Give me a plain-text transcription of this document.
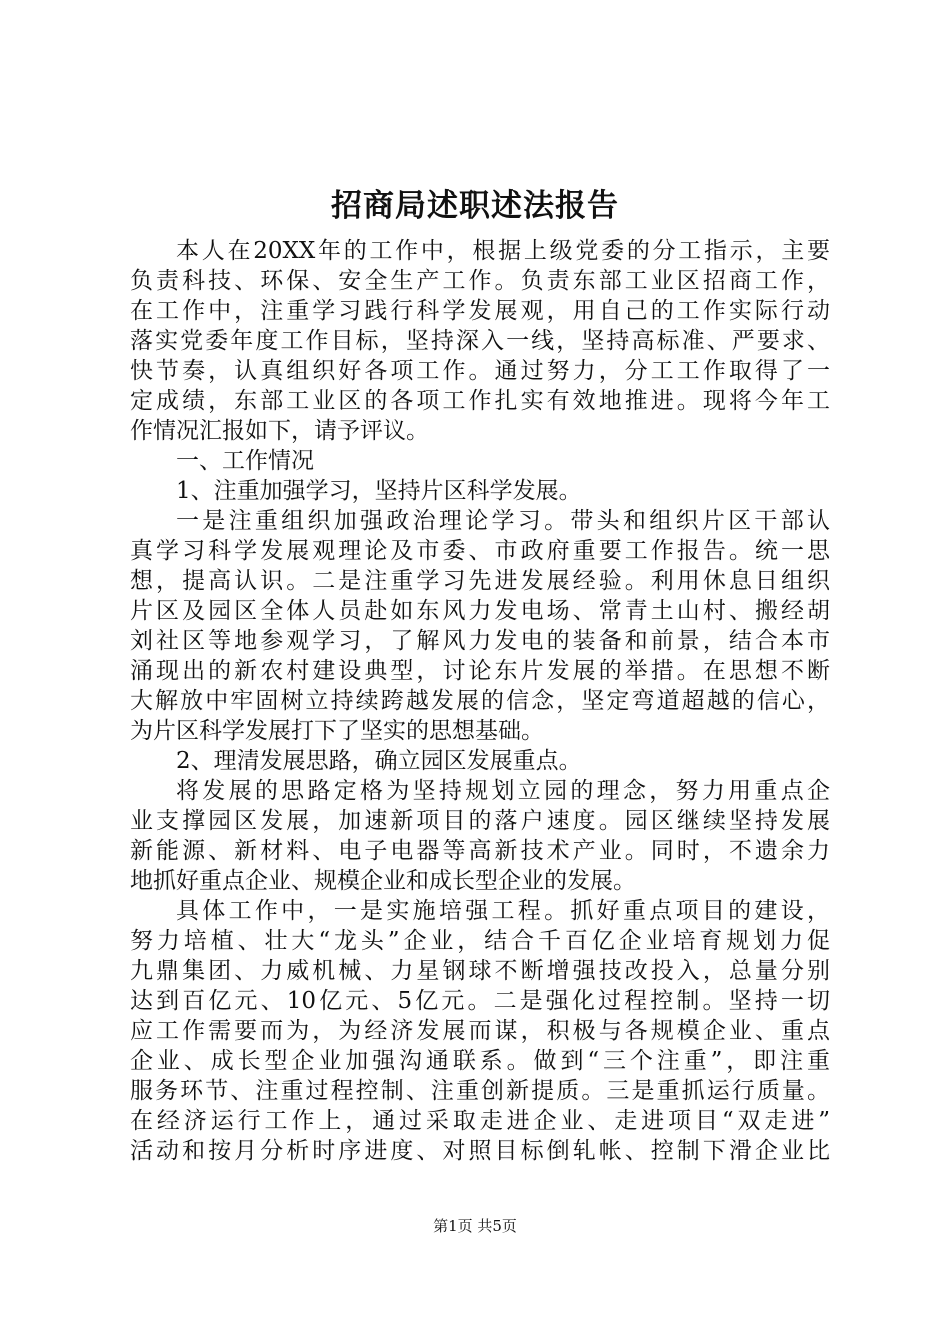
招商局述职述法报告
本人在20XX年的工作中，根据上级党委的分工指示，主要
负责科技、环保、安全生产工作。负责东部工业区招商工作，
在工作中，注重学习践行科学发展观，用自己的工作实际行动
落实党委年度工作目标，坚持深入一线，坚持高标准、严要求、
快节奏，认真组织好各项工作。通过努力，分工工作取得了一
定成绩，东部工业区的各项工作扎实有效地推进。现将今年工
作情况汇报如下，请予评议。
一、工作情况
1、注重加强学习，坚持片区科学发展。
一是注重组织加强政治理论学习。带头和组织片区干部认
真学习科学发展观理论及市委、市政府重要工作报告。统一思
想，提高认识。二是注重学习先进发展经验。利用休息日组织
片区及园区全体人员赴如东风力发电场、常青土山村、搬经胡
刘社区等地参观学习，了解风力发电的装备和前景，结合本市
涌现出的新农村建设典型，讨论东片发展的举措。在思想不断
大解放中牢固树立持续跨越发展的信念，坚定弯道超越的信心，
为片区科学发展打下了坚实的思想基础。
2、理清发展思路，确立园区发展重点。
将发展的思路定格为坚持规划立园的理念，努力用重点企
业支撑园区发展，加速新项目的落户速度。园区继续坚持发展
新能源、新材料、电子电器等高新技术产业。同时，不遗余力
地抓好重点企业、规模企业和成长型企业的发展。
具体工作中，一是实施培强工程。抓好重点项目的建设，
努力培植、壮大“龙头”企业，结合千百亿企业培育规划力促
九鼎集团、力威机械、力星钢球不断增强技改投入，总量分别
达到百亿元、10亿元、5亿元。二是强化过程控制。坚持一切
应工作需要而为，为经济发展而谋，积极与各规模企业、重点
企业、成长型企业加强沟通联系。做到“三个注重”，即注重
服务环节、注重过程控制、注重创新提质。三是重抓运行质量。
在经济运行工作上，通过采取走进企业、走进项目“双走进”
活动和按月分析时序进度、对照目标倒轧帐、控制下滑企业比
第1页 共5页
